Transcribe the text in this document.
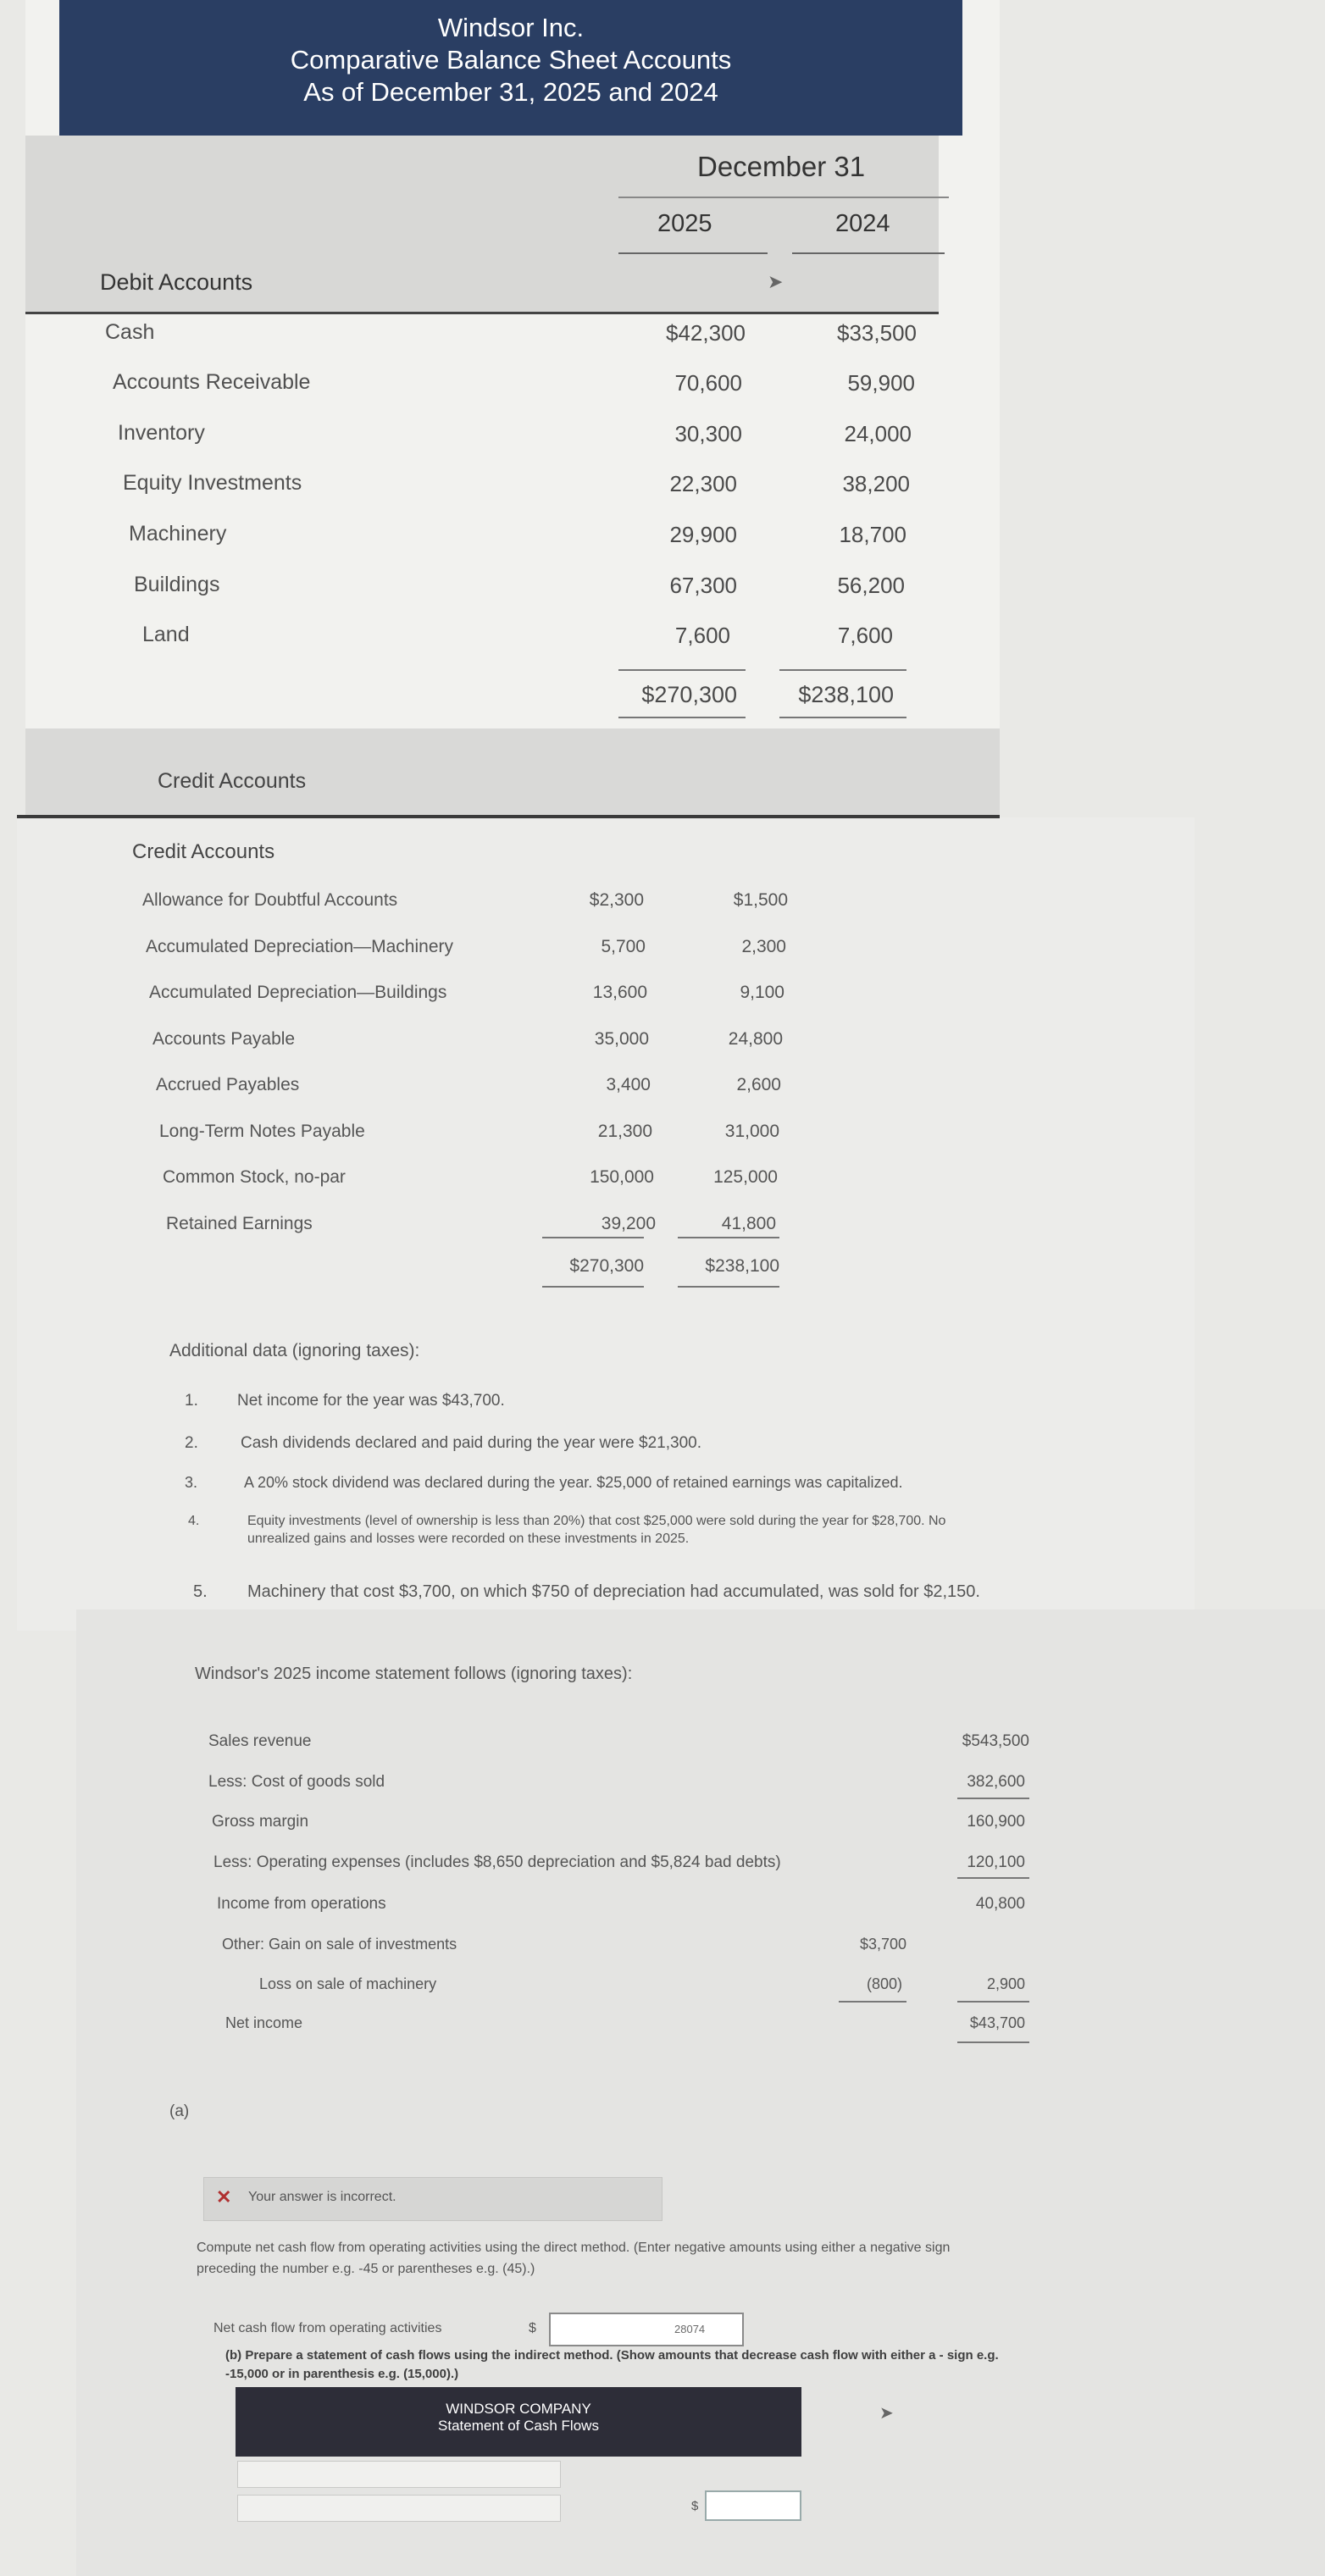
Windsor Inc.
Comparative Balance Sheet Accounts
As of December 31, 2025 and 2024
December 31
2025	2024
Debit Accounts	➤
Cash	$42,300	$33,500
Accounts Receivable	70,600	59,900
Inventory	30,300	24,000
Equity Investments	22,300	38,200
Machinery	29,900	18,700
Buildings	67,300	56,200
Land	7,600	7,600
$270,300	$238,100
Credit Accounts
Credit Accounts
Allowance for Doubtful Accounts	$2,300	$1,500
Accumulated Depreciation—Machinery	5,700	2,300
Accumulated Depreciation—Buildings	13,600	9,100
Accounts Payable	35,000	24,800
Accrued Payables	3,400	2,600
Long-Term Notes Payable	21,300	31,000
Common Stock, no-par	150,000	125,000
Retained Earnings	39,200	41,800
$270,300	$238,100
Additional data (ignoring taxes):
1. Net income for the year was $43,700.
2.	Cash dividends declared and paid during the year were $21,300.
3.	A 20% stock dividend was declared during the year. $25,000 of retained earnings was capitalized.
4.	Equity investments (level of ownership is less than 20%) that cost $25,000 were sold during the year for $28,700. No
unrealized gains and losses were recorded on these investments in 2025.
5. Machinery that cost $3,700, on which $750 of depreciation had accumulated, was sold for $2,150.
Windsor's 2025 income statement follows (ignoring taxes):
Sales revenue	$543,500
Less: Cost of goods sold	382,600
Gross margin	160,900
Less: Operating expenses (includes $8,650 depreciation and $5,824 bad debts)	120,100
Income from operations	40,800
Other: Gain on sale of investments	$3,700
Loss on sale of machinery	(800)	2,900
Net income	$43,700
(a)
✕ Your answer is incorrect.
Compute net cash flow from operating activities using the direct method. (Enter negative amounts using either a negative sign
preceding the number e.g. -45 or parentheses e.g. (45).)
Net cash flow from operating activities	$	28074
(b) Prepare a statement of cash flows using the indirect method. (Show amounts that decrease cash flow with either a - sign e.g.
-15,000 or in parenthesis e.g. (15,000).)
WINDSOR COMPANY
Statement of Cash Flows
➤
$
